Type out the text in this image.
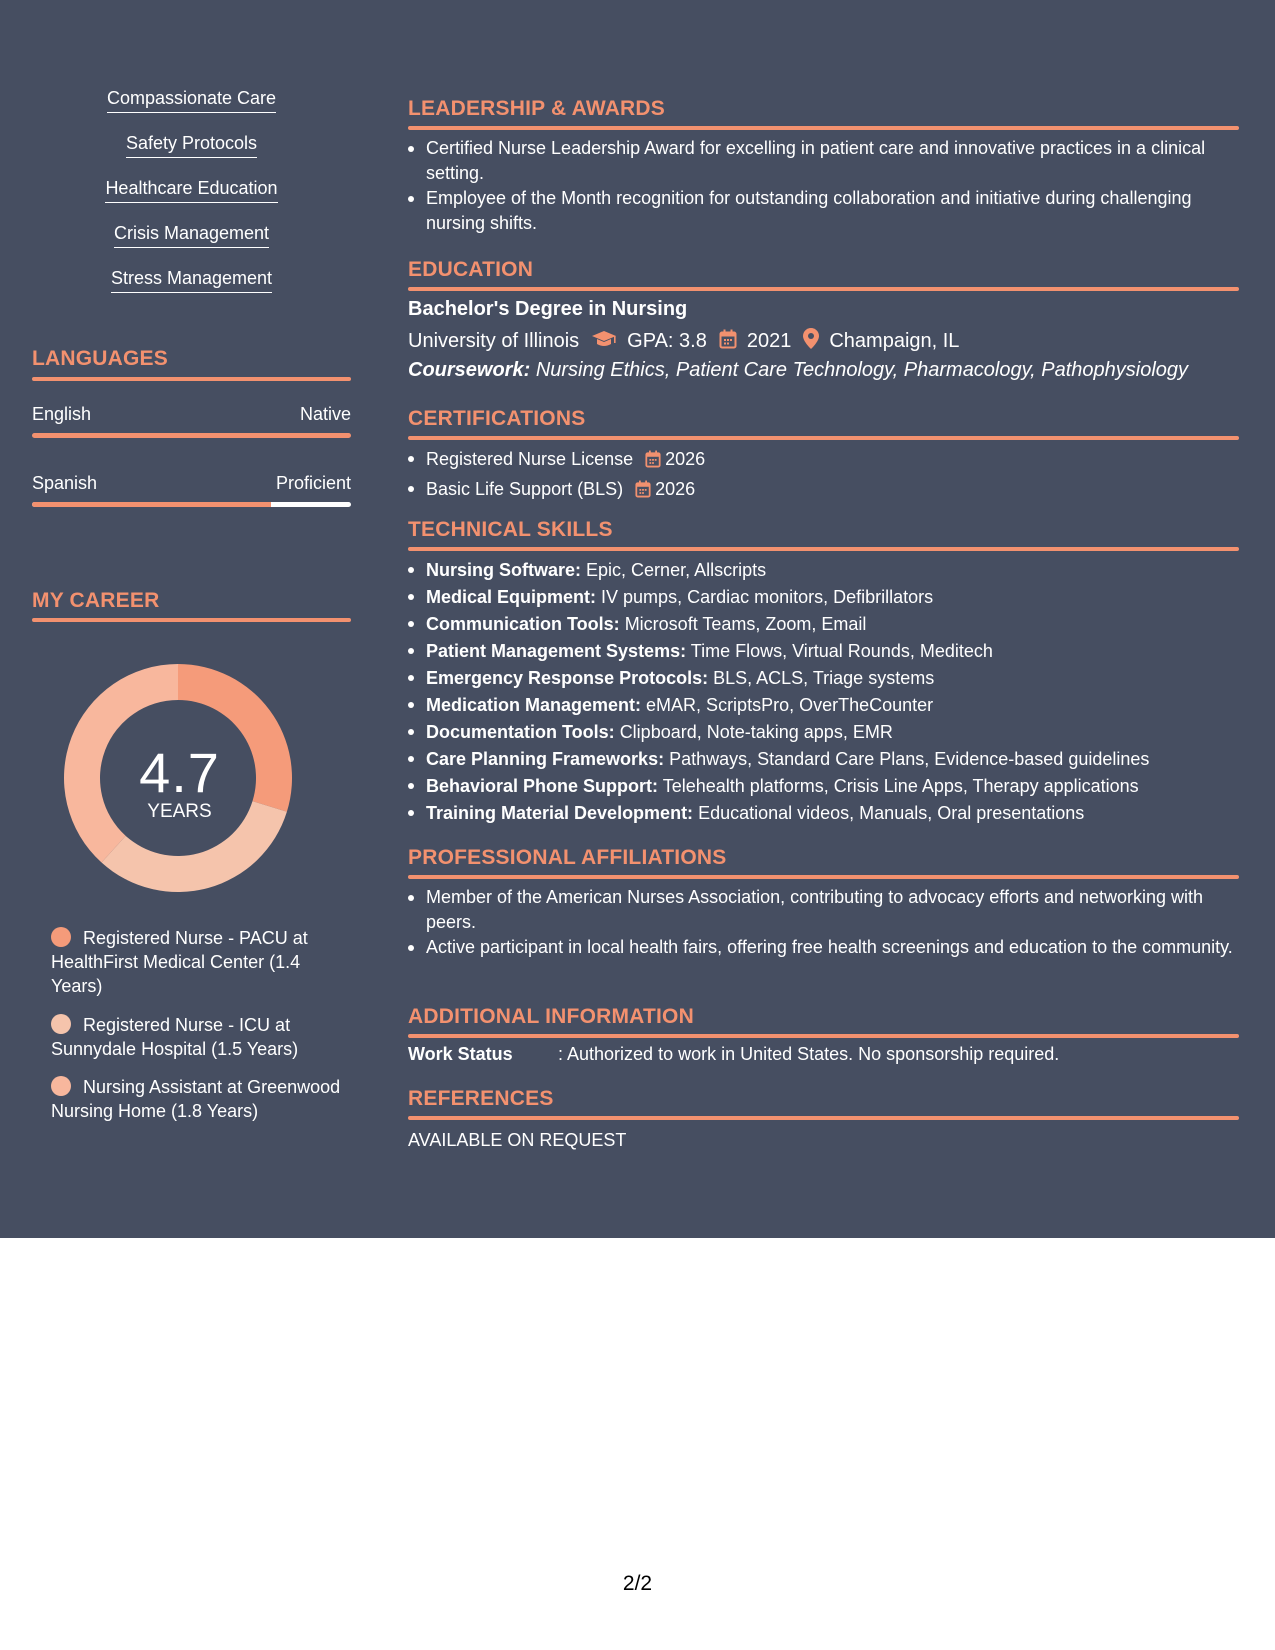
Compassionate Care
Safety Protocols
Healthcare Education
Crisis Management
Stress Management
LANGUAGES
English	Native
Spanish	Proficient
MY CAREER
4.7
YEARS
Registered Nurse - PACU at HealthFirst Medical Center (1.4 Years)
Registered Nurse - ICU at Sunnydale Hospital (1.5 Years)
Nursing Assistant at Greenwood Nursing Home (1.8 Years)
LEADERSHIP & AWARDS
Certified Nurse Leadership Award for excelling in patient care and innovative practices in a clinical setting.
Employee of the Month recognition for outstanding collaboration and initiative during challenging nursing shifts.
EDUCATION
Bachelor's Degree in Nursing
University of Illinois GPA: 3.8 2021 Champaign, IL
Coursework: Nursing Ethics, Patient Care Technology, Pharmacology, Pathophysiology
CERTIFICATIONS
Registered Nurse License 2026
Basic Life Support (BLS) 2026
TECHNICAL SKILLS
Nursing Software: Epic, Cerner, Allscripts
Medical Equipment: IV pumps, Cardiac monitors, Defibrillators
Communication Tools: Microsoft Teams, Zoom, Email
Patient Management Systems: Time Flows, Virtual Rounds, Meditech
Emergency Response Protocols: BLS, ACLS, Triage systems
Medication Management: eMAR, ScriptsPro, OverTheCounter
Documentation Tools: Clipboard, Note-taking apps, EMR
Care Planning Frameworks: Pathways, Standard Care Plans, Evidence-based guidelines
Behavioral Phone Support: Telehealth platforms, Crisis Line Apps, Therapy applications
Training Material Development: Educational videos, Manuals, Oral presentations
PROFESSIONAL AFFILIATIONS
Member of the American Nurses Association, contributing to advocacy efforts and networking with peers.
Active participant in local health fairs, offering free health screenings and education to the community.
ADDITIONAL INFORMATION
Work Status	: Authorized to work in United States. No sponsorship required.
REFERENCES
AVAILABLE ON REQUEST
2/2
